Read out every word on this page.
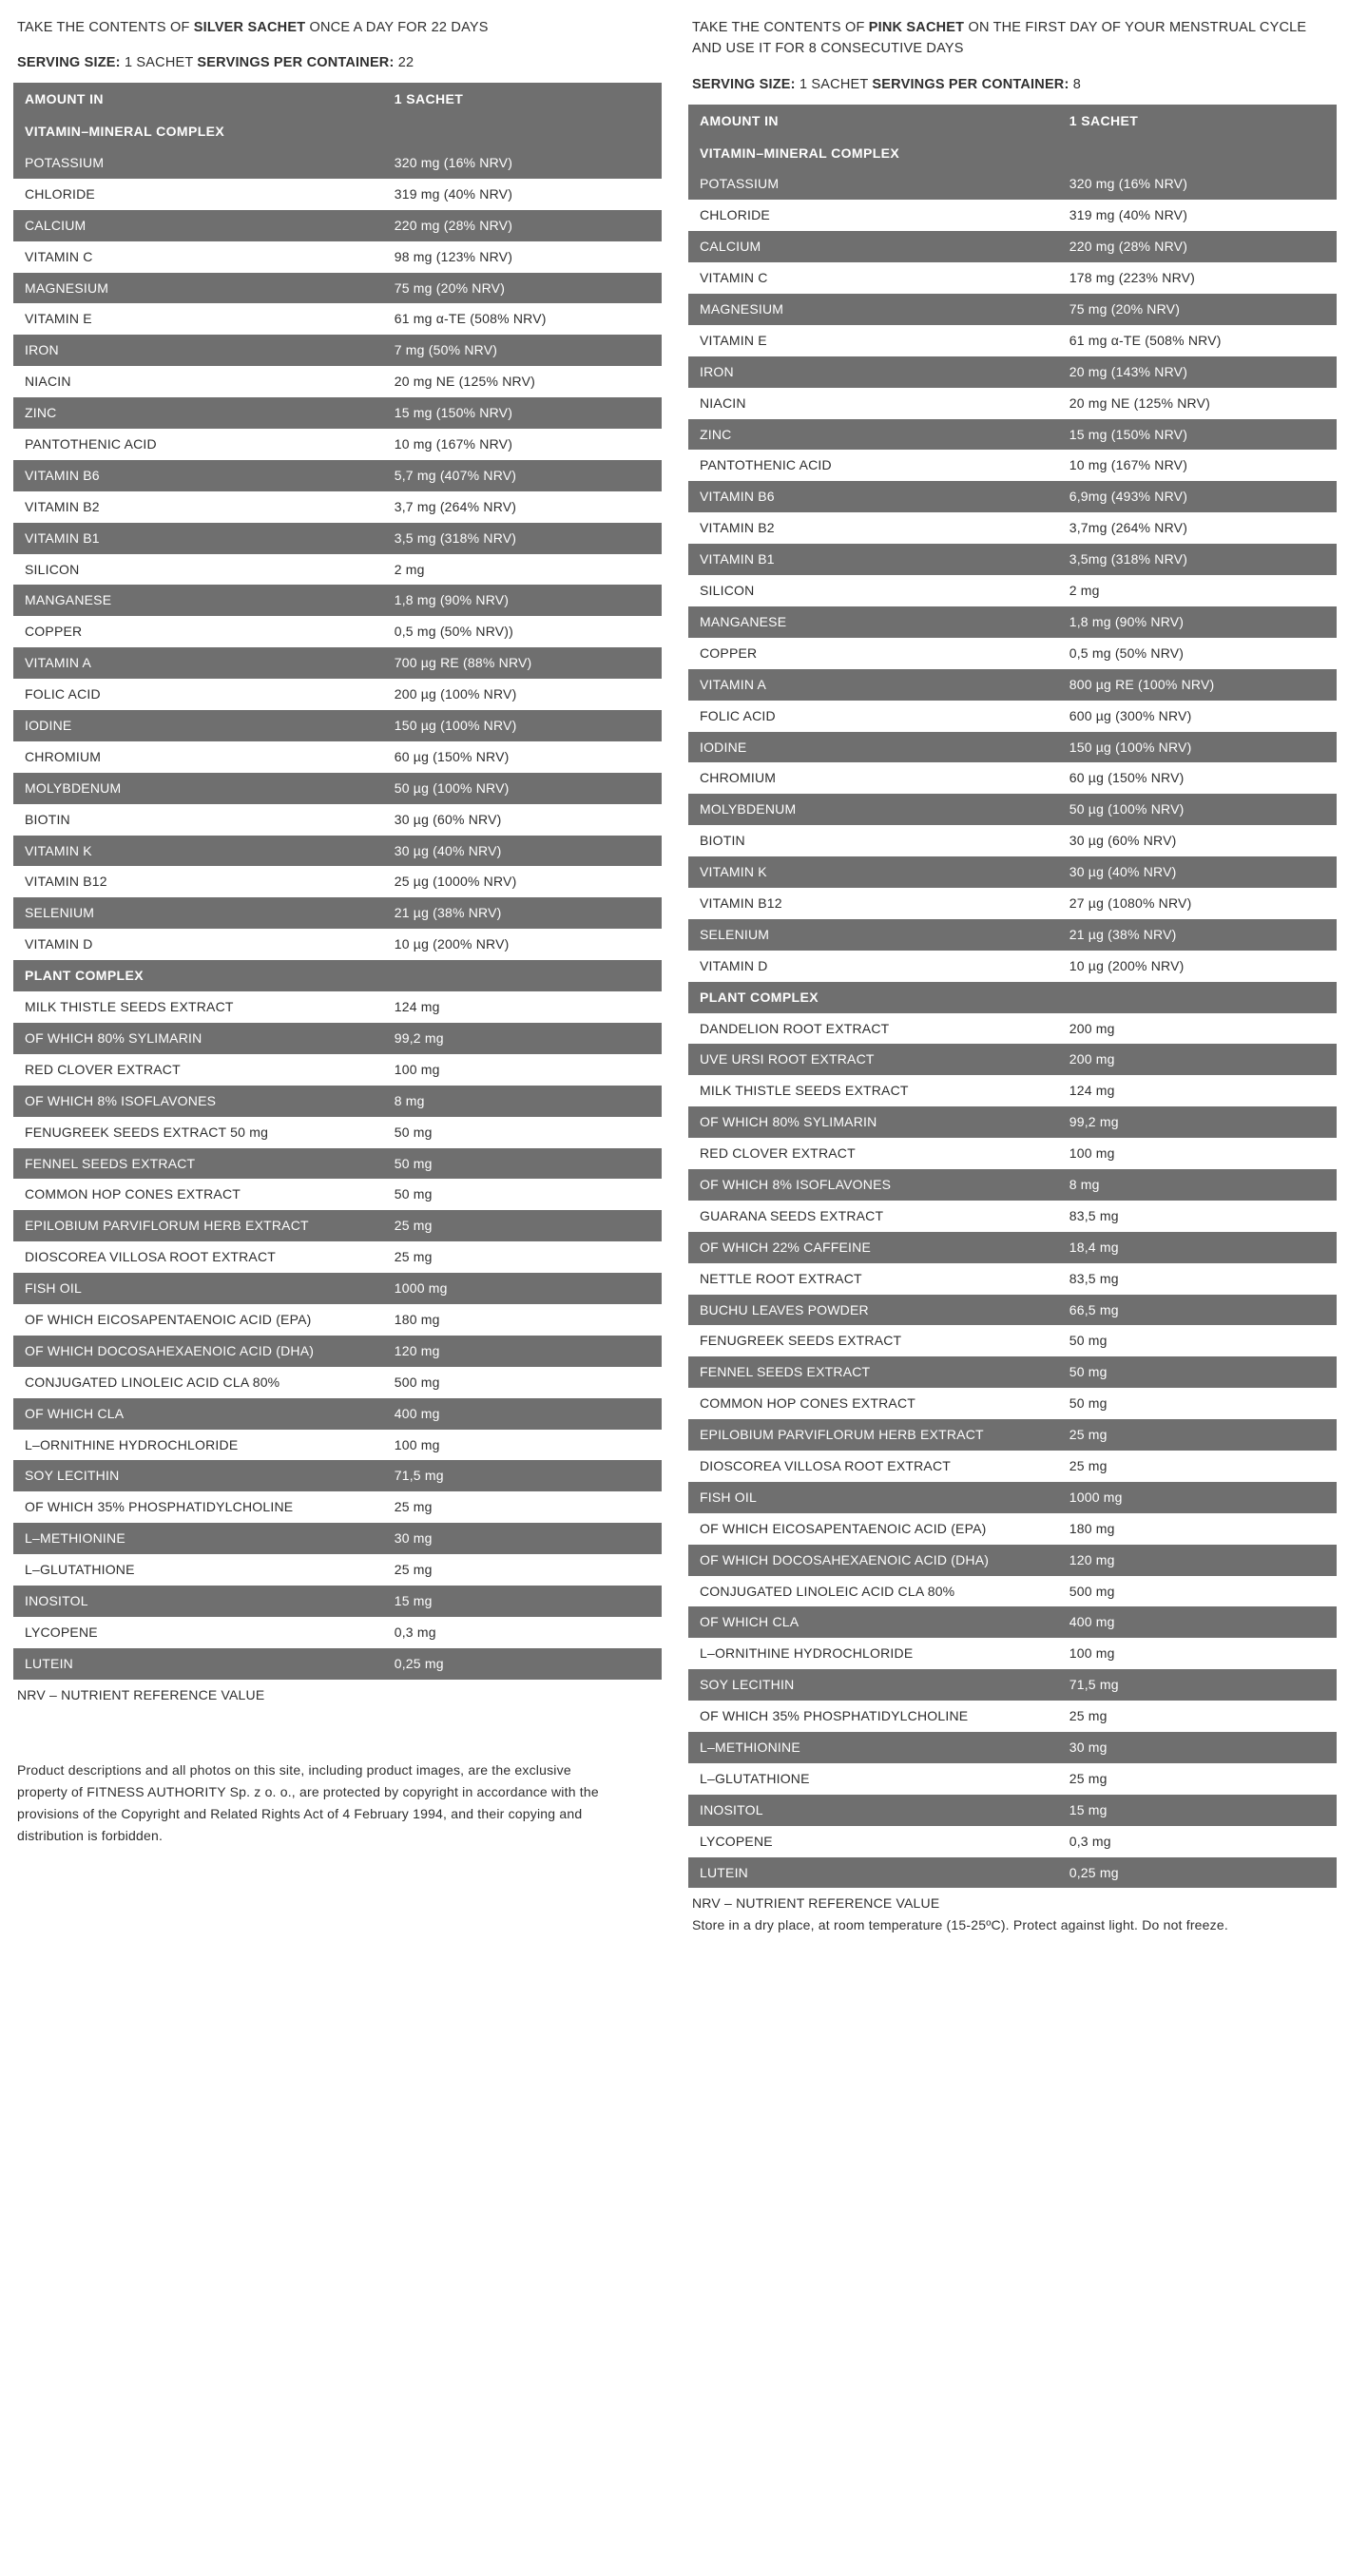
TAKE THE CONTENTS OF SILVER SACHET ONCE A DAY FOR 22 DAYS

SERVING SIZE: 1 SACHET SERVINGS PER CONTAINER: 22

AMOUNT IN	1 SACHET
VITAMIN–MINERAL COMPLEX	
POTASSIUM	320 mg (16% NRV)
CHLORIDE	319 mg (40% NRV)
CALCIUM	220 mg (28% NRV)
VITAMIN C	98 mg (123% NRV)
MAGNESIUM	75 mg (20% NRV)
VITAMIN E	61 mg α-TE (508% NRV)
IRON	7 mg (50% NRV)
NIACIN	20 mg NE (125% NRV)
ZINC	15 mg (150% NRV)
PANTOTHENIC ACID	10 mg (167% NRV)
VITAMIN B6	5,7 mg (407% NRV)
VITAMIN B2	3,7 mg (264% NRV)
VITAMIN B1	3,5 mg (318% NRV)
SILICON	2 mg
MANGANESE	1,8 mg (90% NRV)
COPPER	0,5 mg (50% NRV))
VITAMIN A	700 µg RE (88% NRV)
FOLIC ACID	200 µg (100% NRV)
IODINE	150 µg (100% NRV)
CHROMIUM	60 µg (150% NRV)
MOLYBDENUM	50 µg (100% NRV)
BIOTIN	30 µg (60% NRV)
VITAMIN K	30 µg (40% NRV)
VITAMIN B12	25 µg (1000% NRV)
SELENIUM	21 µg (38% NRV)
VITAMIN D	10 µg (200% NRV)
PLANT COMPLEX	
MILK THISTLE SEEDS EXTRACT	124 mg
OF WHICH 80% SYLIMARIN	99,2 mg
RED CLOVER EXTRACT	100 mg
OF WHICH 8% ISOFLAVONES	8 mg
FENUGREEK SEEDS EXTRACT 50 mg	50 mg
FENNEL SEEDS EXTRACT	50 mg
COMMON HOP CONES EXTRACT	50 mg
EPILOBIUM PARVIFLORUM HERB EXTRACT	25 mg
DIOSCOREA VILLOSA ROOT EXTRACT	25 mg
FISH OIL	1000 mg
OF WHICH EICOSAPENTAENOIC ACID (EPA)	180 mg
OF WHICH DOCOSAHEXAENOIC ACID (DHA)	120 mg
CONJUGATED LINOLEIC ACID CLA 80%	500 mg
OF WHICH CLA	400 mg
L–ORNITHINE HYDROCHLORIDE	100 mg
SOY LECITHIN	71,5 mg
OF WHICH 35% PHOSPHATIDYLCHOLINE	25 mg
L–METHIONINE	30 mg
L–GLUTATHIONE	25 mg
INOSITOL	15 mg
LYCOPENE	0,3 mg
LUTEIN	0,25 mg

NRV – NUTRIENT REFERENCE VALUE

Product descriptions and all photos on this site, including product images, are the exclusive property of FITNESS AUTHORITY Sp. z o. o., are protected by copyright in accordance with the provisions of the Copyright and Related Rights Act of 4 February 1994, and their copying and distribution is forbidden.

TAKE THE CONTENTS OF PINK SACHET ON THE FIRST DAY OF YOUR MENSTRUAL CYCLE AND USE IT FOR 8 CONSECUTIVE DAYS

SERVING SIZE: 1 SACHET SERVINGS PER CONTAINER: 8

AMOUNT IN	1 SACHET
VITAMIN–MINERAL COMPLEX	
POTASSIUM	320 mg (16% NRV)
CHLORIDE	319 mg (40% NRV)
CALCIUM	220 mg (28% NRV)
VITAMIN C	178 mg (223% NRV)
MAGNESIUM	75 mg (20% NRV)
VITAMIN E	61 mg α-TE (508% NRV)
IRON	20 mg (143% NRV)
NIACIN	20 mg NE (125% NRV)
ZINC	15 mg (150% NRV)
PANTOTHENIC ACID	10 mg (167% NRV)
VITAMIN B6	6,9mg (493% NRV)
VITAMIN B2	3,7mg (264% NRV)
VITAMIN B1	3,5mg (318% NRV)
SILICON	2 mg
MANGANESE	1,8 mg (90% NRV)
COPPER	0,5 mg (50% NRV)
VITAMIN A	800 µg RE (100% NRV)
FOLIC ACID	600 µg (300% NRV)
IODINE	150 µg (100% NRV)
CHROMIUM	60 µg (150% NRV)
MOLYBDENUM	50 µg (100% NRV)
BIOTIN	30 µg (60% NRV)
VITAMIN K	30 µg (40% NRV)
VITAMIN B12	27 µg (1080% NRV)
SELENIUM	21 µg (38% NRV)
VITAMIN D	10 µg (200% NRV)
PLANT COMPLEX	
DANDELION ROOT EXTRACT	200 mg
UVE URSI ROOT EXTRACT	200 mg
MILK THISTLE SEEDS EXTRACT	124 mg
OF WHICH 80% SYLIMARIN	99,2 mg
RED CLOVER EXTRACT	100 mg
OF WHICH 8% ISOFLAVONES	8 mg
GUARANA SEEDS EXTRACT	83,5 mg
OF WHICH 22% CAFFEINE	18,4 mg
NETTLE ROOT EXTRACT	83,5 mg
BUCHU LEAVES POWDER	66,5 mg
FENUGREEK SEEDS EXTRACT	50 mg
FENNEL SEEDS EXTRACT	50 mg
COMMON HOP CONES EXTRACT	50 mg
EPILOBIUM PARVIFLORUM HERB EXTRACT	25 mg
DIOSCOREA VILLOSA ROOT EXTRACT	25 mg
FISH OIL	1000 mg
OF WHICH EICOSAPENTAENOIC ACID (EPA)	180 mg
OF WHICH DOCOSAHEXAENOIC ACID (DHA)	120 mg
CONJUGATED LINOLEIC ACID CLA 80%	500 mg
OF WHICH CLA	400 mg
L–ORNITHINE HYDROCHLORIDE	100 mg
SOY LECITHIN	71,5 mg
OF WHICH 35% PHOSPHATIDYLCHOLINE	25 mg
L–METHIONINE	30 mg
L–GLUTATHIONE	25 mg
INOSITOL	15 mg
LYCOPENE	0,3 mg
LUTEIN	0,25 mg

NRV – NUTRIENT REFERENCE VALUE

Store in a dry place, at room temperature (15-25ºC). Protect against light. Do not freeze.
